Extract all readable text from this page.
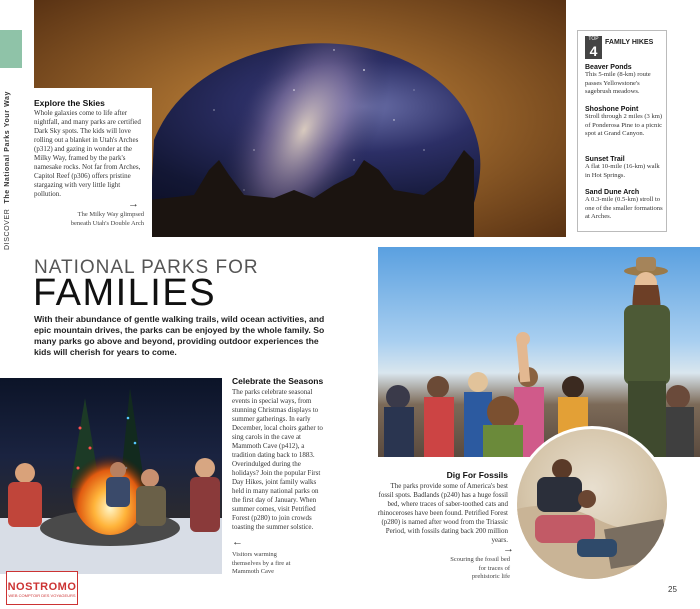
DISCOVER  The National Parks Your Way	Explore the Skies

Whole galaxies come to life after nightfall, and many parks are certified Dark Sky spots. The kids will love rolling out a blanket in Utah's Arches (p312) and gazing in wonder at the Milky Way, framed by the park's namesake rocks. Not far from Arches, Capitol Reef (p306) offers pristine stargazing with very little light pollution.

→
The Milky Way glimpsed beneath Utah's Double Arch
TOP
4
FAMILY HIKES
Beaver Ponds

This 5-mile (8-km) route passes Yellowstone's sagebrush meadows.

Shoshone Point

Stroll through 2 miles (3 km) of Ponderosa Pine to a picnic spot at Grand Canyon.

Sunset Trail

A flat 10-mile (16-km) walk in Hot Springs.

Sand Dune Arch

A 0.3-mile (0.5-km) stroll to one of the smaller formations at Arches.

NATIONAL PARKS FOR
FAMILIES
With their abundance of gentle walking trails, wild ocean activities, and epic mountain drives, the parks can be enjoyed by the whole family. So many parks go above and beyond, providing outdoor experiences the kids will cherish for years to come.

Celebrate the Seasons

The parks celebrate seasonal events in special ways, from stunning Christmas displays to summer gatherings. In early December, local choirs gather to sing carols in the cave at Mammoth Cave (p412), a tradition dating back to 1883. Overindulged during the holidays? Join the popular First Day Hikes, joint family walks held in many national parks on the first day of January. When summer comes, visit Petrified Forest (p280) to join crowds toasting the summer solstice.

←
Visitors warming themselves by a fire at Mammoth Cave
Dig For Fossils

The parks provide some of America's best fossil spots. Badlands (p240) has a huge fossil bed, where traces of saber-toothed cats and rhinoceroses have been found. Petrified Forest (p280) is named after wood from the Triassic Period, with fossils dating back 200 million years.

→
Scouring the fossil bed for traces of prehistoric life
NOSTROMO
WEB COMPTOIR DES VOYAGEURS
25
